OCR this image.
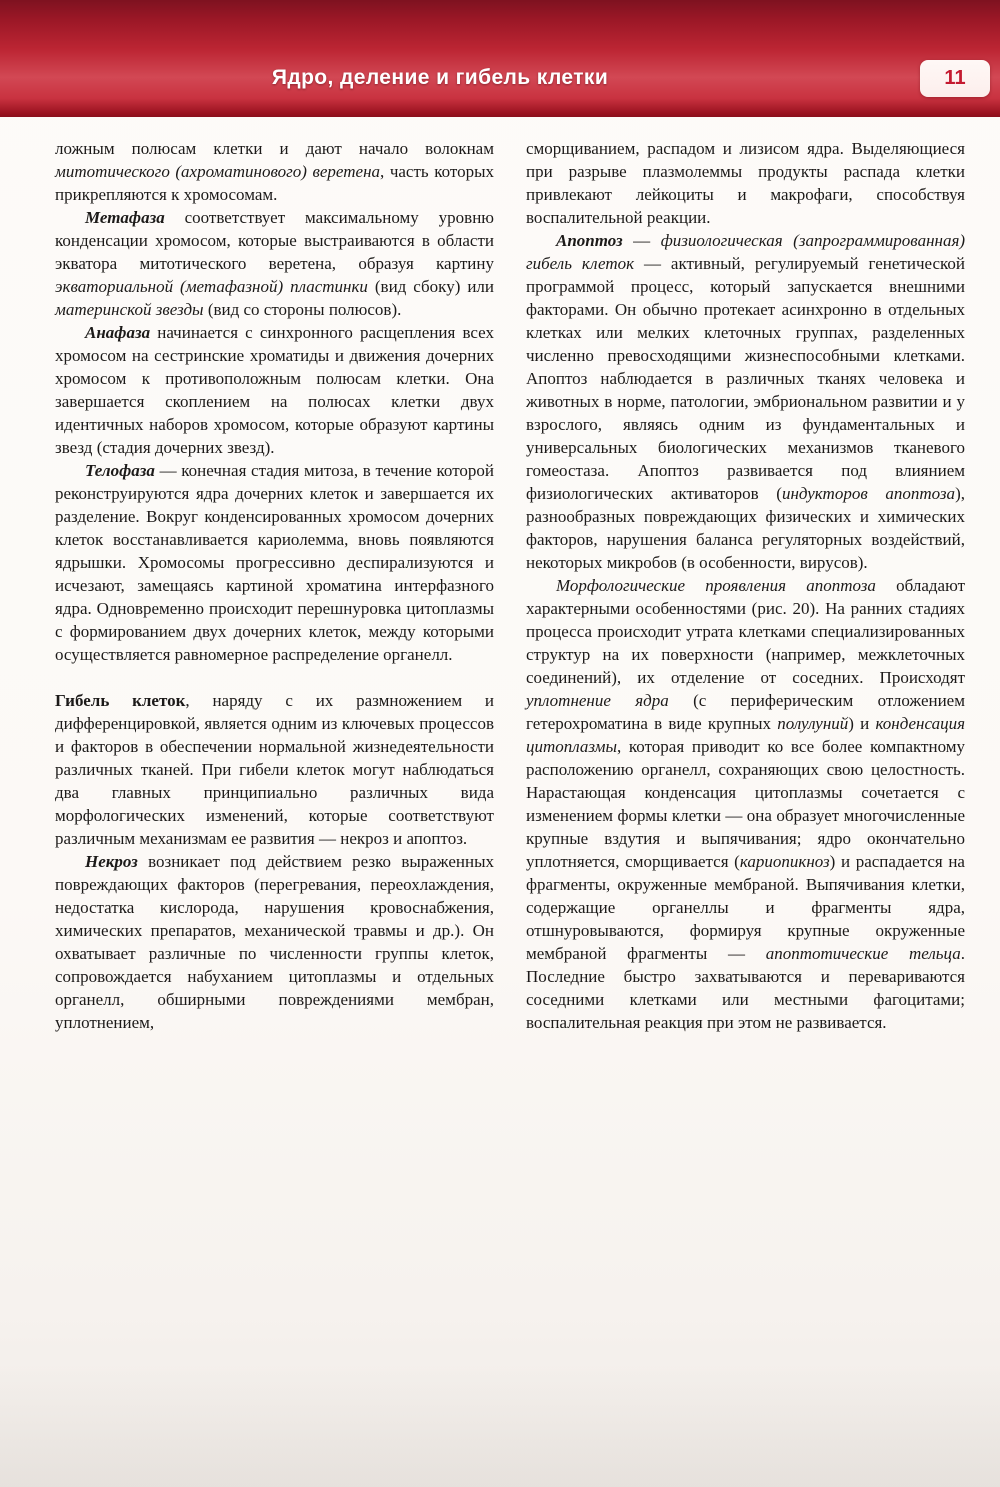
Ядро, деление и гибель клетки	11

ложным полюсам клетки и дают начало волокнам митотического (ахроматинового) веретена, часть которых прикрепляются к хромосомам.

Метафаза соответствует максимальному уровню конденсации хромосом, которые выстраиваются в области экватора митотического веретена, образуя картину экваториальной (метафазной) пластинки (вид сбоку) или материнской звезды (вид со стороны полюсов).

Анафаза начинается с синхронного расщепления всех хромосом на сестринские хроматиды и движения дочерних хромосом к противоположным полюсам клетки. Она завершается скоплением на полюсах клетки двух идентичных наборов хромосом, которые образуют картины звезд (стадия дочерних звезд).

Телофаза — конечная стадия митоза, в течение которой реконструируются ядра дочерних клеток и завершается их разделение. Вокруг конденсированных хромосом дочерних клеток восстанавливается кариолемма, вновь появляются ядрышки. Хромосомы прогрессивно деспирализуются и исчезают, замещаясь картиной хроматина интерфазного ядра. Одновременно происходит перешнуровка цитоплазмы с формированием двух дочерних клеток, между которыми осуществляется равномерное распределение органелл.

Гибель клеток, наряду с их размножением и дифференцировкой, является одним из ключевых процессов и факторов в обеспечении нормальной жизнедеятельности различных тканей. При гибели клеток могут наблюдаться два главных принципиально различных вида морфологических изменений, которые соответствуют различным механизмам ее развития — некроз и апоптоз.

Некроз возникает под действием резко выраженных повреждающих факторов (перегревания, переохлаждения, недостатка кислорода, нарушения кровоснабжения, химических препаратов, механической травмы и др.). Он охватывает различные по численности группы клеток, сопровождается набуханием цитоплазмы и отдельных органелл, обширными повреждениями мембран, уплотнением,

сморщиванием, распадом и лизисом ядра. Выделяющиеся при разрыве плазмолеммы продукты распада клетки привлекают лейкоциты и макрофаги, способствуя воспалительной реакции.

Апоптоз — физиологическая (запрограммированная) гибель клеток — активный, регулируемый генетической программой процесс, который запускается внешними факторами. Он обычно протекает асинхронно в отдельных клетках или мелких клеточных группах, разделенных численно превосходящими жизнеспособными клетками. Апоптоз наблюдается в различных тканях человека и животных в норме, патологии, эмбриональном развитии и у взрослого, являясь одним из фундаментальных и универсальных биологических механизмов тканевого гомеостаза. Апоптоз развивается под влиянием физиологических активаторов (индукторов апоптоза), разнообразных повреждающих физических и химических факторов, нарушения баланса регуляторных воздействий, некоторых микробов (в особенности, вирусов).

Морфологические проявления апоптоза обладают характерными особенностями (рис. 20). На ранних стадиях процесса происходит утрата клетками специализированных структур на их поверхности (например, межклеточных соединений), их отделение от соседних. Происходят уплотнение ядра (с периферическим отложением гетерохроматина в виде крупных полулуний) и конденсация цитоплазмы, которая приводит ко все более компактному расположению органелл, сохраняющих свою целостность. Нарастающая конденсация цитоплазмы сочетается с изменением формы клетки — она образует многочисленные крупные вздутия и выпячивания; ядро окончательно уплотняется, сморщивается (кариопикноз) и распадается на фрагменты, окруженные мембраной. Выпячивания клетки, содержащие органеллы и фрагменты ядра, отшнуровываются, формируя крупные окруженные мембраной фрагменты — апоптотические тельца. Последние быстро захватываются и перевариваются соседними клетками или местными фагоцитами; воспалительная реакция при этом не развивается.
